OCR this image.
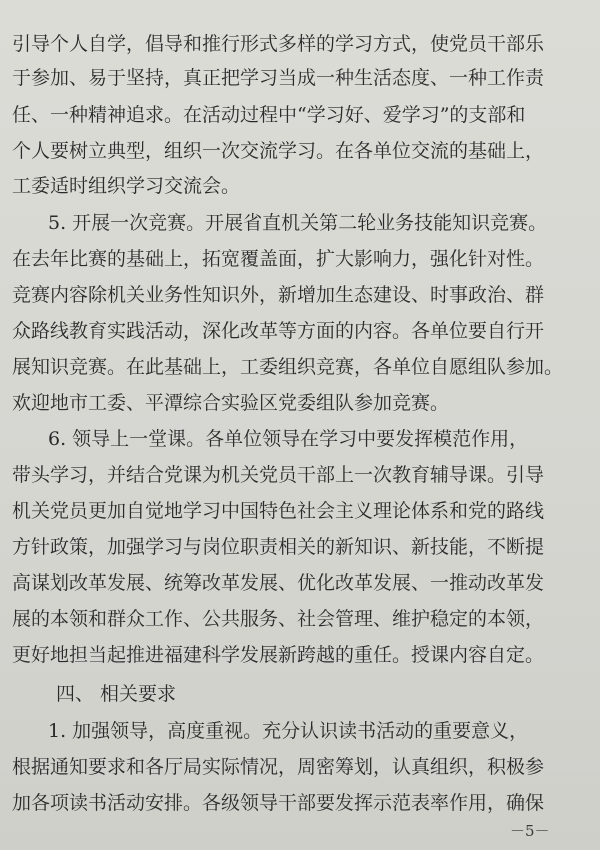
引导个人自学，倡导和推行形式多样的学习方式，使党员干部乐
于参加、易于坚持，真正把学习当成一种生活态度、一种工作责
任、一种精神追求。在活动过程中“学习好、爱学习”的支部和
个人要树立典型，组织一次交流学习。在各单位交流的基础上，
工委适时组织学习交流会。
5. 开展一次竞赛。开展省直机关第二轮业务技能知识竞赛。
在去年比赛的基础上，拓宽覆盖面，扩大影响力，强化针对性。
竞赛内容除机关业务性知识外，新增加生态建设、时事政治、群
众路线教育实践活动，深化改革等方面的内容。各单位要自行开
展知识竞赛。在此基础上，工委组织竞赛，各单位自愿组队参加。
欢迎地市工委、平潭综合实验区党委组队参加竞赛。
6. 领导上一堂课。各单位领导在学习中要发挥模范作用，
带头学习，并结合党课为机关党员干部上一次教育辅导课。引导
机关党员更加自觉地学习中国特色社会主义理论体系和党的路线
方针政策，加强学习与岗位职责相关的新知识、新技能，不断提
高谋划改革发展、统筹改革发展、优化改革发展、一推动改革发
展的本领和群众工作、公共服务、社会管理、维护稳定的本领，
更好地担当起推进福建科学发展新跨越的重任。授课内容自定。
四、 相关要求
1. 加强领导，高度重视。充分认识读书活动的重要意义，
根据通知要求和各厅局实际情况，周密筹划，认真组织，积极参
加各项读书活动安排。各级领导干部要发挥示范表率作用，确保
－5－
